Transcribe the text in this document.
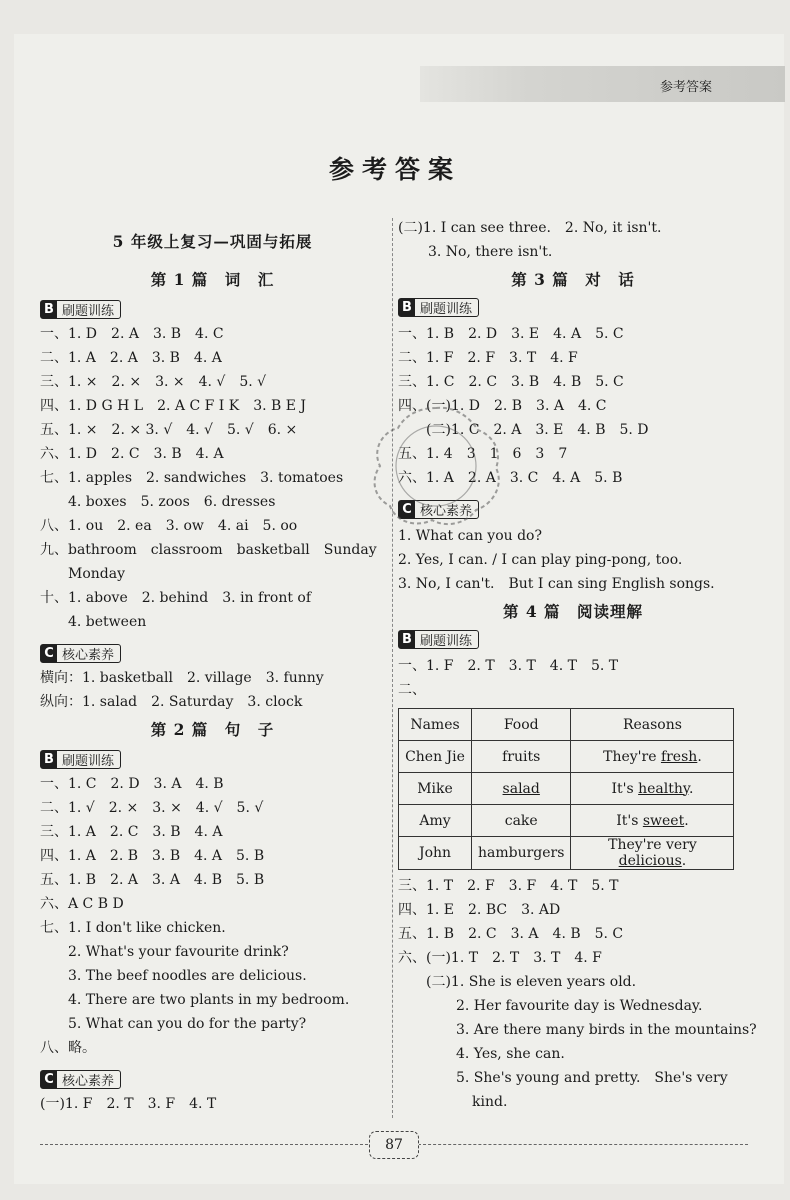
参考答案
参考答案
5 年级上复习—巩固与拓展
第 1 篇　词　汇
B 刷题训练
一、1. D　2. A　3. B　4. C
二、1. A　2. A　3. B　4. A
三、1. ×　2. ×　3. ×　4. √　5. √
四、1. D G H L　2. A C F I K　3. B E J
五、1. ×　2. × 3. √　4. √　5. √　6. ×
六、1. D　2. C　3. B　4. A
七、1. apples　2. sandwiches　3. tomatoes
4. boxes　5. zoos　6. dresses
八、1. ou　2. ea　3. ow　4. ai　5. oo
九、bathroom　classroom　basketball　Sunday
Monday
十、1. above　2. behind　3. in front of
4. between
C 核心素养
横向：1. basketball　2. village　3. funny
纵向：1. salad　2. Saturday　3. clock
第 2 篇　句　子
B 刷题训练
一、1. C　2. D　3. A　4. B
二、1. √　2. ×　3. ×　4. √　5. √
三、1. A　2. C　3. B　4. A
四、1. A　2. B　3. B　4. A　5. B
五、1. B　2. A　3. A　4. B　5. B
六、A C B D
七、1. I don't like chicken.
2. What's your favourite drink?
3. The beef noodles are delicious.
4. There are two plants in my bedroom.
5. What can you do for the party?
八、略。
C 核心素养
(一)1. F　2. T　3. F　4. T
(二)1. I can see three.　2. No, it isn't.
3. No, there isn't.
第 3 篇　对　话
B 刷题训练
一、1. B　2. D　3. E　4. A　5. C
二、1. F　2. F　3. T　4. F
三、1. C　2. C　3. B　4. B　5. C
四、(一)1. D　2. B　3. A　4. C
(二)1. C　2. A　3. E　4. B　5. D
五、1. 4　3　1　6　3　7
六、1. A　2. A　3. C　4. A　5. B
C 核心素养
1. What can you do?
2. Yes, I can. / I can play ping-pong, too.
3. No, I can't.　But I can sing English songs.
第 4 篇　阅读理解
B 刷题训练
一、1. F　2. T　3. T　4. T　5. T
二、
Names	Food	Reasons
Chen Jie	fruits	They're fresh.
Mike	salad	It's healthy.
Amy	cake	It's sweet.
John	hamburgers	They're very delicious.
三、1. T　2. F　3. F　4. T　5. T
四、1. E　2. BC　3. AD
五、1. B　2. C　3. A　4. B　5. C
六、(一)1. T　2. T　3. T　4. F
(二)1. She is eleven years old.
2. Her favourite day is Wednesday.
3. Are there many birds in the mountains?
4. Yes, she can.
5. She's young and pretty.　She's very
kind.
87
